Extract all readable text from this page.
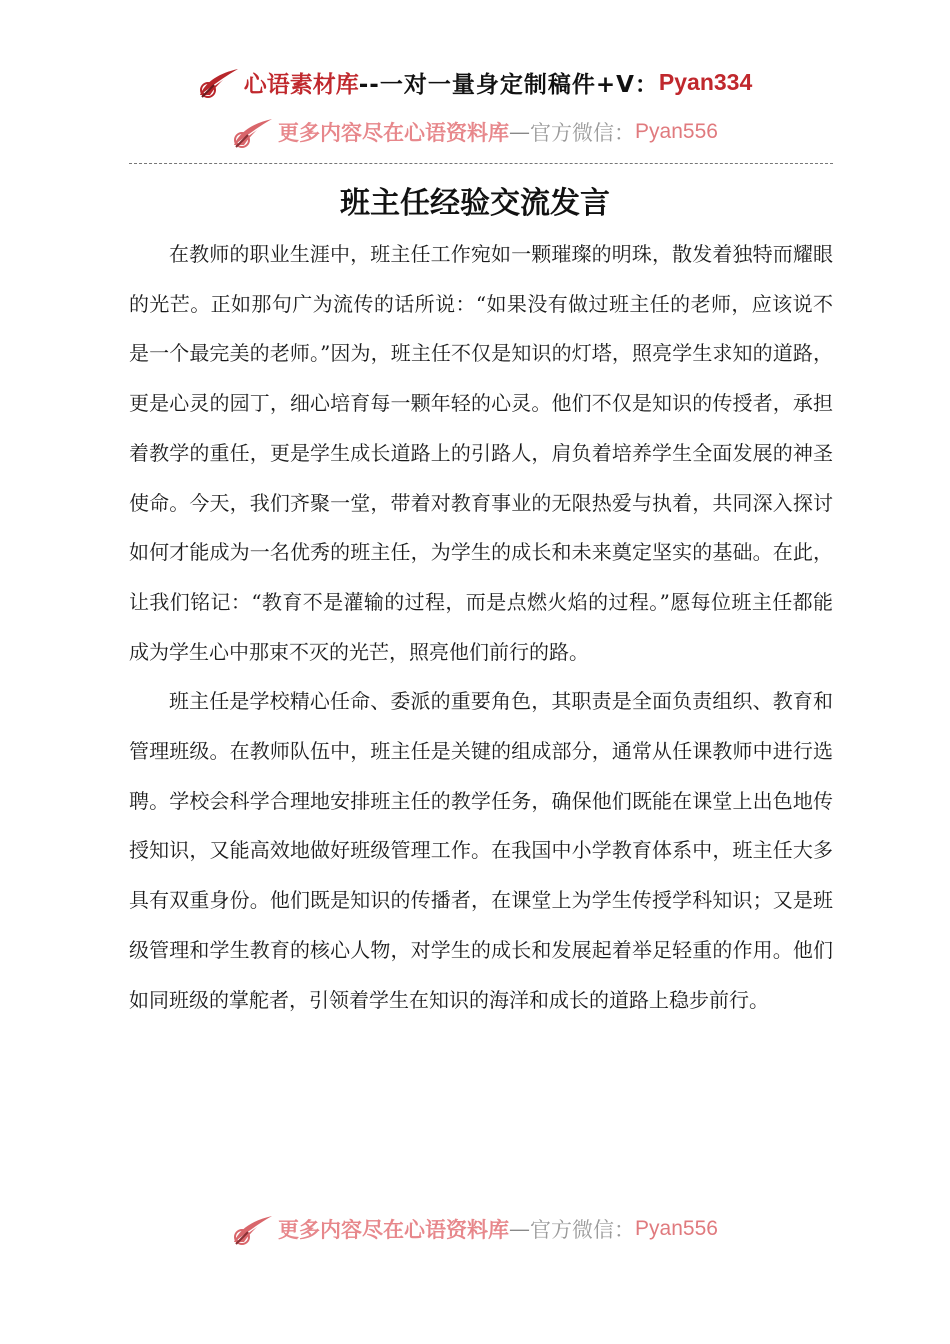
心语素材库 --一对一量身定制稿件+V： Pyan334
更多内容尽在心语资料库 — 官方微信： Pyan556
班主任经验交流发言

在教师的职业生涯中，班主任工作宛如一颗璀璨的明珠，散发着独特而耀眼的光芒。正如那句广为流传的话所说：“如果没有做过班主任的老师，应该说不是一个最完美的老师。”因为，班主任不仅是知识的灯塔，照亮学生求知的道路，更是心灵的园丁，细心培育每一颗年轻的心灵。他们不仅是知识的传授者，承担着教学的重任，更是学生成长道路上的引路人，肩负着培养学生全面发展的神圣使命。今天，我们齐聚一堂，带着对教育事业的无限热爱与执着，共同深入探讨如何才能成为一名优秀的班主任，为学生的成长和未来奠定坚实的基础。在此，让我们铭记：“教育不是灌输的过程，而是点燃火焰的过程。”愿每位班主任都能成为学生心中那束不灭的光芒，照亮他们前行的路。

班主任是学校精心任命、委派的重要角色，其职责是全面负责组织、教育和管理班级。在教师队伍中，班主任是关键的组成部分，通常从任课教师中进行选聘。学校会科学合理地安排班主任的教学任务，确保他们既能在课堂上出色地传授知识，又能高效地做好班级管理工作。在我国中小学教育体系中，班主任大多具有双重身份。他们既是知识的传播者，在课堂上为学生传授学科知识；又是班级管理和学生教育的核心人物，对学生的成长和发展起着举足轻重的作用。他们如同班级的掌舵者，引领着学生在知识的海洋和成长的道路上稳步前行。

更多内容尽在心语资料库 — 官方微信： Pyan556
